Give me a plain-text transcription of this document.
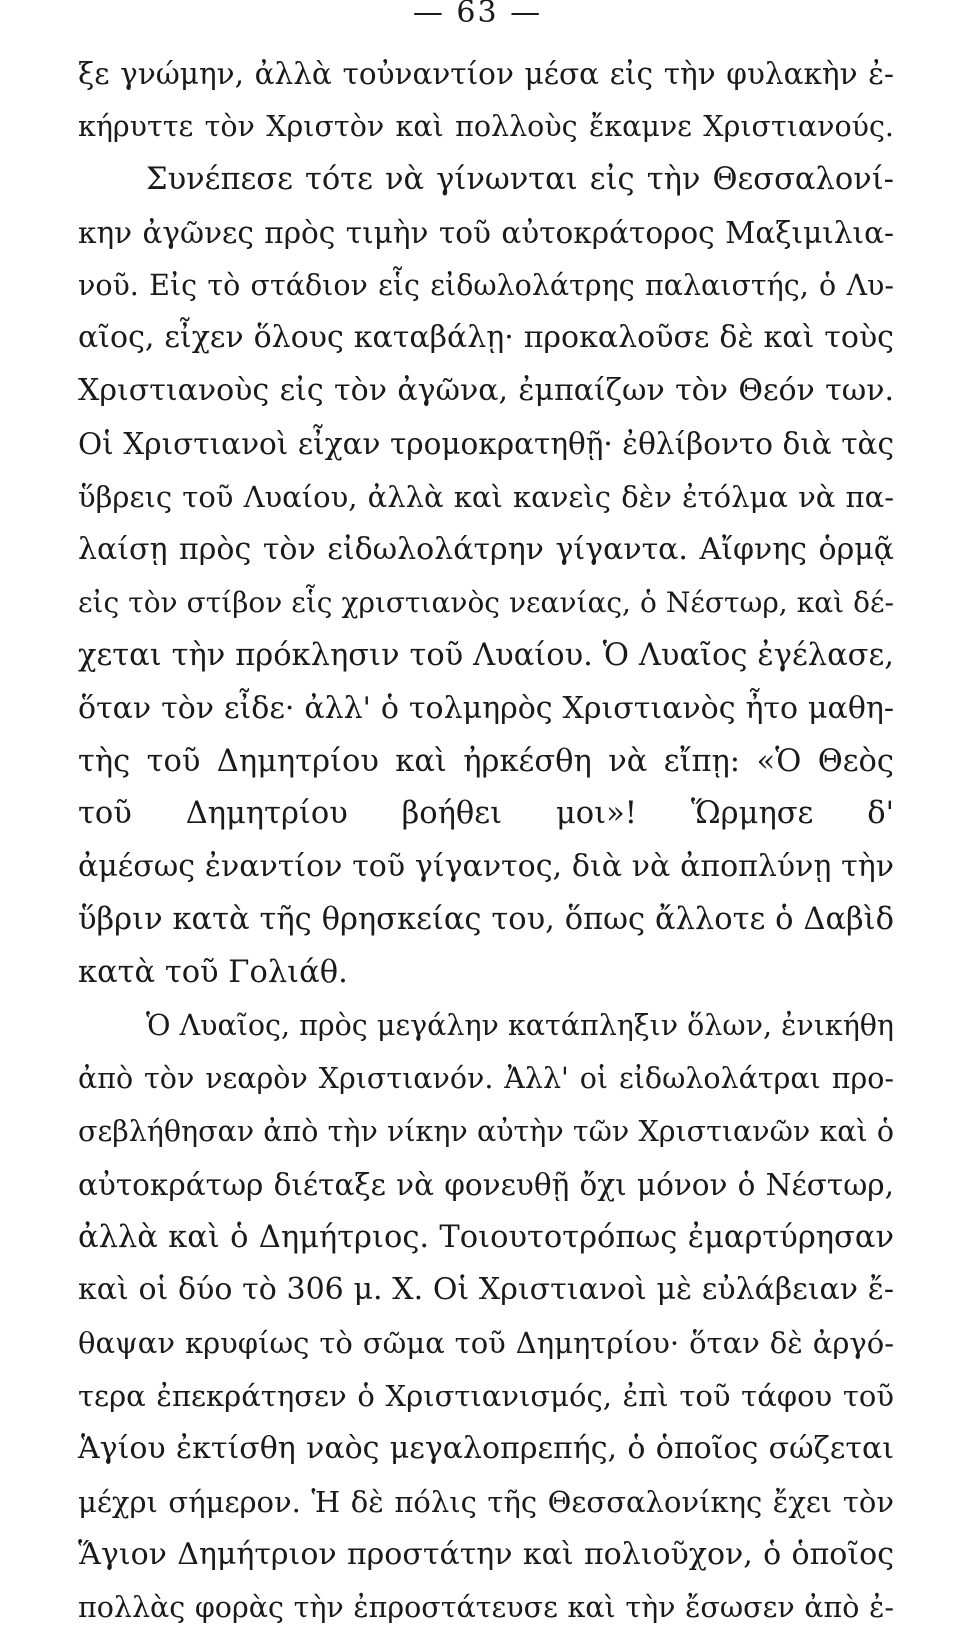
— 63 —
ξε γνώμην, ἀλλὰ τοὐναντίον μέσα εἰς τὴν φυλακὴν ἐ-
κήρυττε τὸν Χριστὸν καὶ πολλοὺς ἔκαμνε Χριστιανούς.
Συνέπεσε τότε νὰ γίνωνται εἰς τὴν Θεσσαλονί-
κην ἀγῶνες πρὸς τιμὴν τοῦ αὐτοκράτορος Μαξιμιλια-
νοῦ. Εἰς τὸ στάδιον εἷς εἰδωλολάτρης παλαιστής, ὁ Λυ-
αῖος, εἶχεν ὅλους καταβάλῃ· προκαλοῦσε δὲ καὶ τοὺς
Χριστιανοὺς εἰς τὸν ἀγῶνα, ἐμπαίζων τὸν Θεόν των.
Οἱ Χριστιανοὶ εἶχαν τρομοκρατηθῇ· ἐθλίβοντο διὰ τὰς
ὕβρεις τοῦ Λυαίου, ἀλλὰ καὶ κανεὶς δὲν ἐτόλμα νὰ πα-
λαίσῃ πρὸς τὸν εἰδωλολάτρην γίγαντα. Αἴφνης ὁρμᾷ
εἰς τὸν στίβον εἷς χριστιανὸς νεανίας, ὁ Νέστωρ, καὶ δέ-
χεται τὴν πρόκλησιν τοῦ Λυαίου. Ὁ Λυαῖος ἐγέλασε,
ὅταν τὸν εἶδε· ἀλλ' ὁ τολμηρὸς Χριστιανὸς ἦτο μαθη-
τὴς τοῦ Δημητρίου καὶ ἠρκέσθη νὰ εἴπῃ: «Ὁ Θεὸς
τοῦ Δημητρίου βοήθει μοι»! Ὥρμησε δ'
ἀμέσως ἐναντίον τοῦ γίγαντος, διὰ νὰ ἀποπλύνῃ τὴν
ὕβριν κατὰ τῆς θρησκείας του, ὅπως ἄλλοτε ὁ Δαβὶδ
κατὰ τοῦ Γολιάθ.
Ὁ Λυαῖος, πρὸς μεγάλην κατάπληξιν ὅλων, ἐνικήθη
ἀπὸ τὸν νεαρὸν Χριστιανόν. Ἀλλ' οἱ εἰδωλολάτραι προ-
σεβλήθησαν ἀπὸ τὴν νίκην αὐτὴν τῶν Χριστιανῶν καὶ ὁ
αὐτοκράτωρ διέταξε νὰ φονευθῇ ὄχι μόνον ὁ Νέστωρ,
ἀλλὰ καὶ ὁ Δημήτριος. Τοιουτοτρόπως ἐμαρτύρησαν
καὶ οἱ δύο τὸ 306 μ. Χ. Οἱ Χριστιανοὶ μὲ εὐλάβειαν ἔ-
θαψαν κρυφίως τὸ σῶμα τοῦ Δημητρίου· ὅταν δὲ ἀργό-
τερα ἐπεκράτησεν ὁ Χριστιανισμός, ἐπὶ τοῦ τάφου τοῦ
Ἁγίου ἐκτίσθη ναὸς μεγαλοπρεπής, ὁ ὁποῖος σώζεται
μέχρι σήμερον. Ἡ δὲ πόλις τῆς Θεσσαλονίκης ἔχει τὸν
Ἅγιον Δημήτριον προστάτην καὶ πολιοῦχον, ὁ ὁποῖος
πολλὰς φορὰς τὴν ἐπροστάτευσε καὶ τὴν ἔσωσεν ἀπὸ ἐ-
